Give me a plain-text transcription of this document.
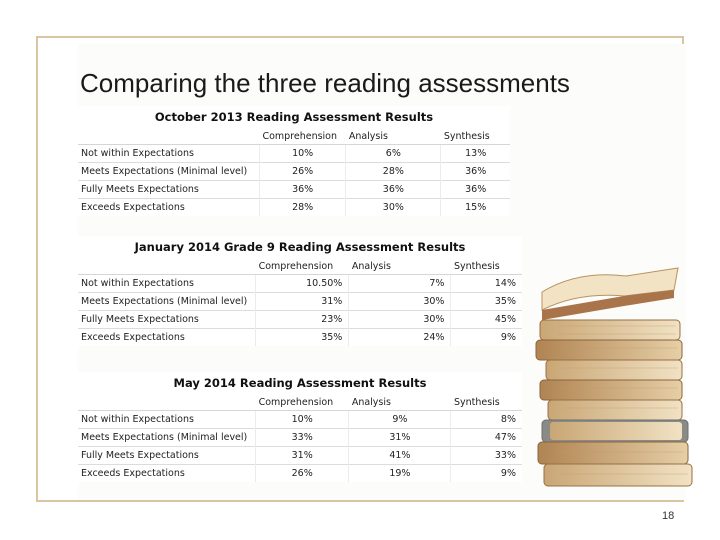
Comparing the three reading assessments
October 2013 Reading Assessment Results
	Comprehension	Analysis	Synthesis
Not within Expectations	10%	6%	13%
Meets Expectations (Minimal level)	26%	28%	36%
Fully Meets Expectations	36%	36%	36%
Exceeds Expectations	28%	30%	15%
January 2014 Grade 9 Reading Assessment Results
	Comprehension	Analysis	Synthesis
Not within Expectations	10.50%	7%	14%
Meets Expectations (Minimal level)	31%	30%	35%
Fully Meets Expectations	23%	30%	45%
Exceeds Expectations	35%	24%	9%
May 2014 Reading Assessment Results
	Comprehension	Analysis	Synthesis
Not within Expectations	10%	9%	8%
Meets Expectations (Minimal level)	33%	31%	47%
Fully Meets Expectations	31%	41%	33%
Exceeds Expectations	26%	19%	9%
18
